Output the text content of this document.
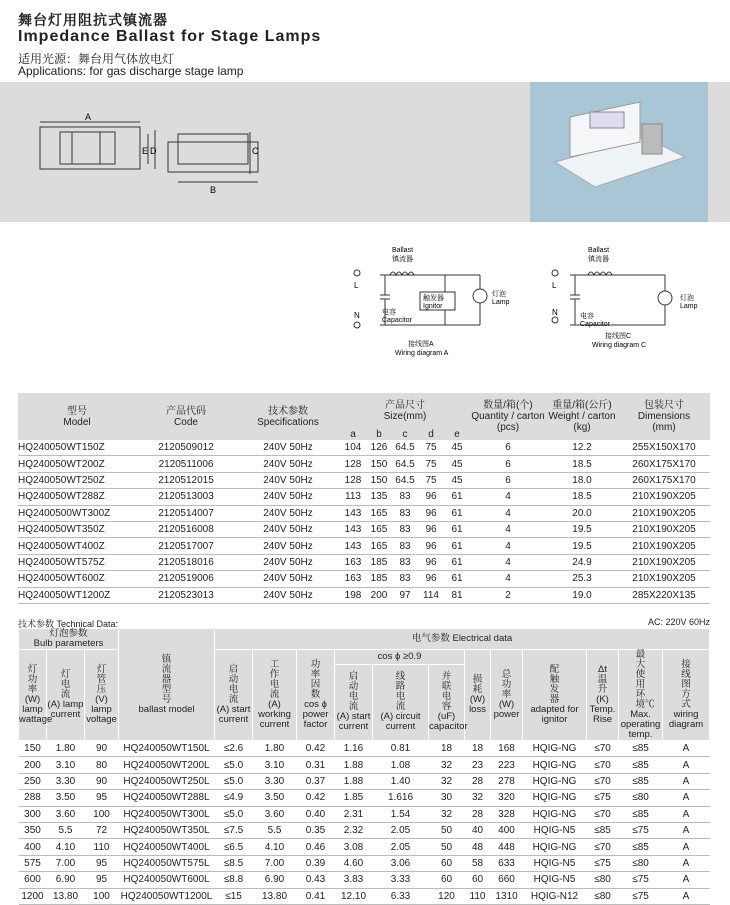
舞台灯用阻抗式镇流器
Impedance Ballast for Stage Lamps
适用光源：舞台用气体放电灯
Applications: for gas discharge stage lamp
A
E D	C
B
Ballast
镇流器
L
N	电容
Capacitor
触发器
Ignitor
灯泡
Lamp
接线图A
Wiring diagram A
Ballast
镇流器
L
N	电容
Capacitor
灯泡
Lamp
接线图C
Wiring diagram C
型号
Model	产品代码
Code	技术参数
Specifications	产品尺寸
Size(mm)					数量/箱(个)
Quantity / carton
(pcs)	重量/箱(公斤)
Weight / carton
(kg)	包装尺寸
Dimensions
(mm)
			a	b	c	d	e			
HQ240050WT150Z	2120509012	240V 50Hz	104	126	64.5	75	45	6	12.2	255X150X170
HQ240050WT200Z	2120511006	240V 50Hz	128	150	64.5	75	45	6	18.5	260X175X170
HQ240050WT250Z	2120512015	240V 50Hz	128	150	64.5	75	45	6	18.0	260X175X170
HQ240050WT288Z	2120513003	240V 50Hz	113	135	83	96	61	4	18.5	210X190X205
HQ2400500WT300Z	2120514007	240V 50Hz	143	165	83	96	61	4	20.0	210X190X205
HQ240050WT350Z	2120516008	240V 50Hz	143	165	83	96	61	4	19.5	210X190X205
HQ240050WT400Z	2120517007	240V 50Hz	143	165	83	96	61	4	19.5	210X190X205
HQ240050WT575Z	2120518016	240V 50Hz	163	185	83	96	61	4	24.9	210X190X205
HQ240050WT600Z	2120519006	240V 50Hz	163	185	83	96	61	4	25.3	210X190X205
HQ240050WT1200Z	2120523013	240V 50Hz	198	200	97	114	81	2	19.0	285X220X135
技术参数 Technical Data:	AC: 220V 60Hz
灯泡参数
Bulb parameters			镇流器型号
ballast model	电气参数 Electrical data											
灯功率
(W) lamp wattage	灯电流
(A) lamp current	灯管压
(V) lamp voltage		启动电流
(A) start current	工作电流
(A) working current	功率因数
cos ϕ power factor	cos ϕ ≥0.9			损耗
(W) loss	总功率
(W) power	配触发器
adapted for ignitor	Δt 温升
(K) Temp. Rise	最大使用环境℃
Max. operating temp.	接线图方式
wiring diagram
							启动电流
(A) start current	线路电流
(A) circuit current	并联电容
(uF) capacitor						
150	1.80	90	HQ240050WT150L	≤2.6	1.80	0.42	1.16	0.81	18	18	168	HQIG-NG	≤70	≤85	A
200	3.10	80	HQ240050WT200L	≤5.0	3.10	0.31	1.88	1.08	32	23	223	HQIG-NG	≤70	≤85	A
250	3.30	90	HQ240050WT250L	≤5.0	3.30	0.37	1.88	1.40	32	28	278	HQIG-NG	≤70	≤85	A
288	3.50	95	HQ240050WT288L	≤4.9	3.50	0.42	1.85	1.616	30	32	320	HQIG-NG	≤75	≤80	A
300	3.60	100	HQ240050WT300L	≤5.0	3.60	0.40	2.31	1.54	32	28	328	HQIG-NG	≤70	≤85	A
350	5.5	72	HQ240050WT350L	≤7.5	5.5	0.35	2.32	2.05	50	40	400	HQIG-N5	≤85	≤75	A
400	4.10	110	HQ240050WT400L	≤6.5	4.10	0.46	3.08	2.05	50	48	448	HQIG-NG	≤70	≤85	A
575	7.00	95	HQ240050WT575L	≤8.5	7.00	0.39	4.60	3.06	60	58	633	HQIG-N5	≤75	≤80	A
600	6.90	95	HQ240050WT600L	≤8.8	6.90	0.43	3.83	3.33	60	60	660	HQIG-N5	≤80	≤75	A
1200	13.80	100	HQ240050WT1200L	≤15	13.80	0.41	12.10	6.33	120	110	1310	HQIG-N12	≤80	≤75	A
